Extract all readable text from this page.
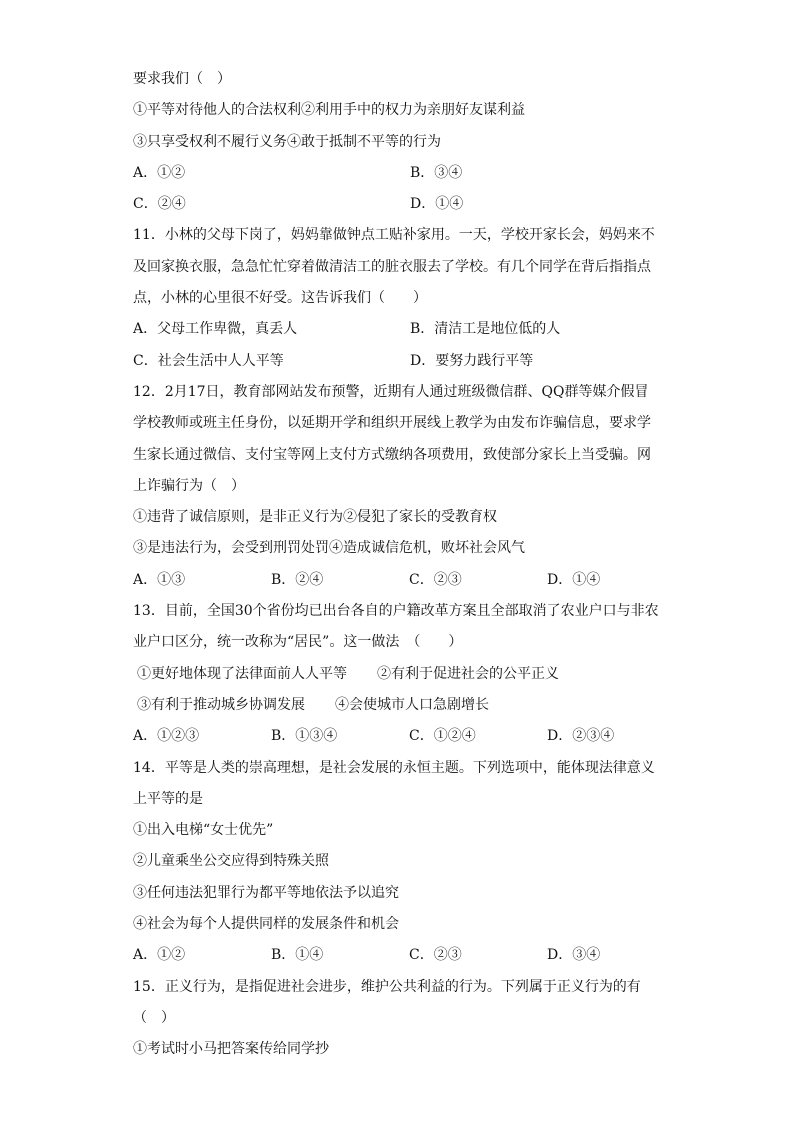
要求我们（　）
①平等对待他人的合法权利②利用手中的权力为亲朋好友谋利益
③只享受权利不履行义务④敢于抵制不平等的行为
A．①②	B．③④
C．②④	D．①④
11．小林的父母下岗了，妈妈靠做钟点工贴补家用。一天，学校开家长会，妈妈来不
及回家换衣服，急急忙忙穿着做清洁工的脏衣服去了学校。有几个同学在背后指指点
点，小林的心里很不好受。这告诉我们（　　）
A．父母工作卑微，真丢人	B．清洁工是地位低的人
C．社会生活中人人平等	D．要努力践行平等
12．2月17日，教育部网站发布预警，近期有人通过班级微信群、QQ群等媒介假冒
学校教师或班主任身份，以延期开学和组织开展线上教学为由发布诈骗信息，要求学
生家长通过微信、支付宝等网上支付方式缴纳各项费用，致使部分家长上当受骗。网
上诈骗行为（　）
①违背了诚信原则，是非正义行为②侵犯了家长的受教育权
③是违法行为，会受到刑罚处罚④造成诚信危机，败坏社会风气
A．①③	B．②④	C．②③	D．①④
13．目前，全国30个省份均已出台各自的户籍改革方案且全部取消了农业户口与非农
业户口区分，统一改称为“居民”。这一做法　（　　）
①更好地体现了法律面前人人平等 ②有利于促进社会的公平正义
③有利于推动城乡协调发展 ④会使城市人口急剧增长
A．①②③	B．①③④	C．①②④	D．②③④
14．平等是人类的崇高理想，是社会发展的永恒主题。下列选项中，能体现法律意义
上平等的是
①出入电梯“女士优先”
②儿童乘坐公交应得到特殊关照
③任何违法犯罪行为都平等地依法予以追究
④社会为每个人提供同样的发展条件和机会
A．①②	B．①④	C．②③	D．③④
15．正义行为，是指促进社会进步，维护公共利益的行为。下列属于正义行为的有
（　）
①考试时小马把答案传给同学抄
